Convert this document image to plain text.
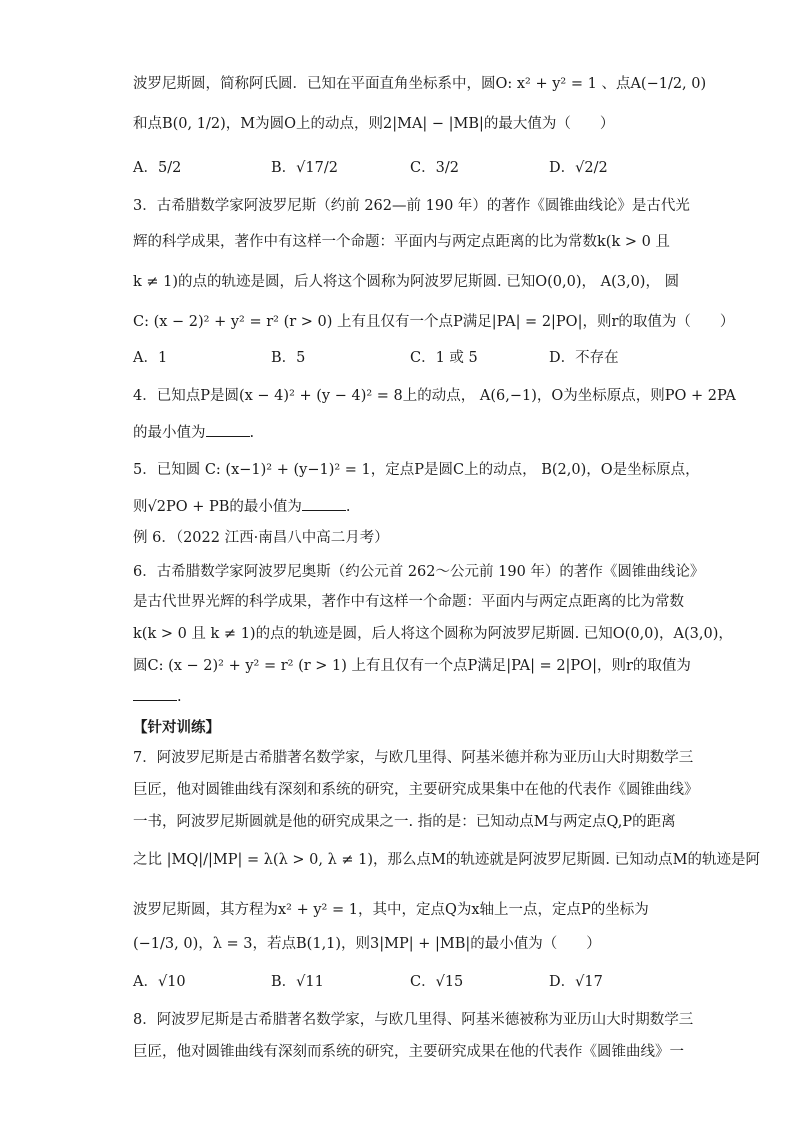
波罗尼斯圆，简称阿氏圆．已知在平面直角坐标系中，圆O: x² + y² = 1 、点A(−1/2, 0)
和点B(0, 1/2)，M为圆O上的动点，则2|MA| − |MB|的最大值为（　　）
A．5/2	B．√17/2	C．3/2	D．√2/2
3．古希腊数学家阿波罗尼斯（约前 262—前 190 年）的著作《圆锥曲线论》是古代光
辉的科学成果，著作中有这样一个命题：平面内与两定点距离的比为常数k(k > 0 且
k ≠ 1)的点的轨迹是圆，后人将这个圆称为阿波罗尼斯圆. 已知O(0,0)， A(3,0)， 圆
C: (x − 2)² + y² = r² (r > 0) 上有且仅有一个点P满足|PA| = 2|PO|，则r的取值为（　　）
A．1	B．5	C．1 或 5	D．不存在
4．已知点P是圆(x − 4)² + (y − 4)² = 8上的动点， A(6,−1)，O为坐标原点，则PO + 2PA
的最小值为	.
5．已知圆 C: (x−1)² + (y−1)² = 1，定点P是圆C上的动点， B(2,0)，O是坐标原点，
则√2PO + PB的最小值为	.
例 6．（2022 江西·南昌八中高二月考）
6．古希腊数学家阿波罗尼奥斯（约公元首 262～公元前 190 年）的著作《圆锥曲线论》
是古代世界光辉的科学成果，著作中有这样一个命题：平面内与两定点距离的比为常数
k(k > 0 且 k ≠ 1)的点的轨迹是圆，后人将这个圆称为阿波罗尼斯圆. 已知O(0,0)，A(3,0)，
圆C: (x − 2)² + y² = r² (r > 1) 上有且仅有一个点P满足|PA| = 2|PO|，则r的取值为
.
【针对训练】
7．阿波罗尼斯是古希腊著名数学家，与欧几里得、阿基米德并称为亚历山大时期数学三
巨匠，他对圆锥曲线有深刻和系统的研究，主要研究成果集中在他的代表作《圆锥曲线》
一书，阿波罗尼斯圆就是他的研究成果之一. 指的是：已知动点M与两定点Q,P的距离
之比 |MQ|/|MP| = λ(λ > 0, λ ≠ 1)，那么点M的轨迹就是阿波罗尼斯圆. 已知动点M的轨迹是阿
波罗尼斯圆，其方程为x² + y² = 1，其中，定点Q为x轴上一点，定点P的坐标为
(−1/3, 0)，λ = 3，若点B(1,1)，则3|MP| + |MB|的最小值为（　　）
A．√10	B．√11	C．√15	D．√17
8．阿波罗尼斯是古希腊著名数学家，与欧几里得、阿基米德被称为亚历山大时期数学三
巨匠，他对圆锥曲线有深刻而系统的研究，主要研究成果在他的代表作《圆锥曲线》一
